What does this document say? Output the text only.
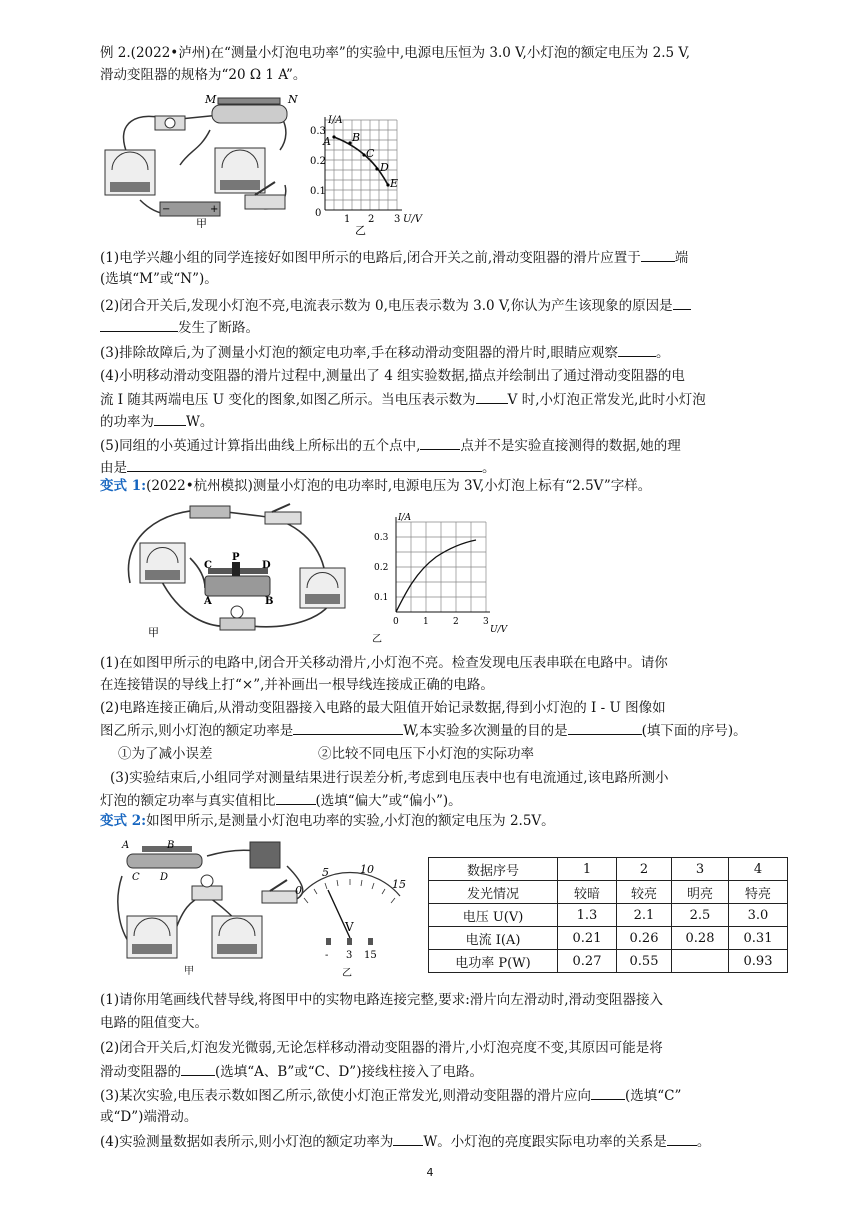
例 2.(2022•泸州)在“测量小灯泡电功率”的实验中,电源电压恒为 3.0 V,小灯泡的额定电压为 2.5 V,
滑动变阻器的规格为“20 Ω 1 A”。
M	N
−	+
甲
A B
C
D
E
0.3
0.2
0.1
0
1 2 3 U/V
I/A
乙
(1)电学兴趣小组的同学连接好如图甲所示的电路后,闭合开关之前,滑动变阻器的滑片应置于	端
(选填“M”或“N”)。
(2)闭合开关后,发现小灯泡不亮,电流表示数为 0,电压表示数为 3.0 V,你认为产生该现象的原因是
发生了断路。
(3)排除故障后,为了测量小灯泡的额定电功率,手在移动滑动变阻器的滑片时,眼睛应观察	。
(4)小明移动滑动变阻器的滑片过程中,测量出了 4 组实验数据,描点并绘制出了通过滑动变阻器的电
流 I 随其两端电压 U 变化的图象,如图乙所示。当电压表示数为 V 时,小灯泡正常发光,此时小灯泡
的功率为 W。
(5)同组的小英通过计算指出曲线上所标出的五个点中,	点并不是实验直接测得的数据,她的理
由是	。
变式 1:(2022•杭州模拟)测量小灯泡的电功率时,电源电压为 3V,小灯泡上标有“2.5V”字样。
C
P
D
A	B
甲
I/A
0.3
0.2
0.1
0	1	2	3
U/V
乙
(1)在如图甲所示的电路中,闭合开关移动滑片,小灯泡不亮。检查发现电压表串联在电路中。请你
在连接错误的导线上打“×”,并补画出一根导线连接成正确的电路。
(2)电路连接正确后,从滑动变阻器接入电路的最大阻值开始记录数据,得到小灯泡的 I - U 图像如
图乙所示,则小灯泡的额定功率是	W,本实验多次测量的目的是	(填下面的序号)。
①为了减小误差	②比较不同电压下小灯泡的实际功率
(3)实验结束后,小组同学对测量结果进行误差分析,考虑到电压表中也有电流通过,该电路所测小
灯泡的额定功率与真实值相比	(选填“偏大”或“偏小”)。
变式 2:如图甲所示,是测量小灯泡电功率的实验,小灯泡的额定电压为 2.5V。
A	B
C D
甲
0
5	10
15
V
- 3 15
乙
数据序号	1	2	3	4
发光情况	较暗	较亮	明亮	特亮
电压 U(V)	1.3	2.1	2.5	3.0
电流 I(A)	0.21	0.26	0.28	0.31
电功率 P(W)	0.27	0.55		0.93
(1)请你用笔画线代替导线,将图甲中的实物电路连接完整,要求:滑片向左滑动时,滑动变阻器接入
电路的阻值变大。
(2)闭合开关后,灯泡发光微弱,无论怎样移动滑动变阻器的滑片,小灯泡亮度不变,其原因可能是将
滑动变阻器的	(选填“A、B”或“C、D”)接线柱接入了电路。
(3)某次实验,电压表示数如图乙所示,欲使小灯泡正常发光,则滑动变阻器的滑片应向	(选填“C”
或“D”)端滑动。
(4)实验测量数据如表所示,则小灯泡的额定功率为 W。小灯泡的亮度跟实际电功率的关系是 。
4
